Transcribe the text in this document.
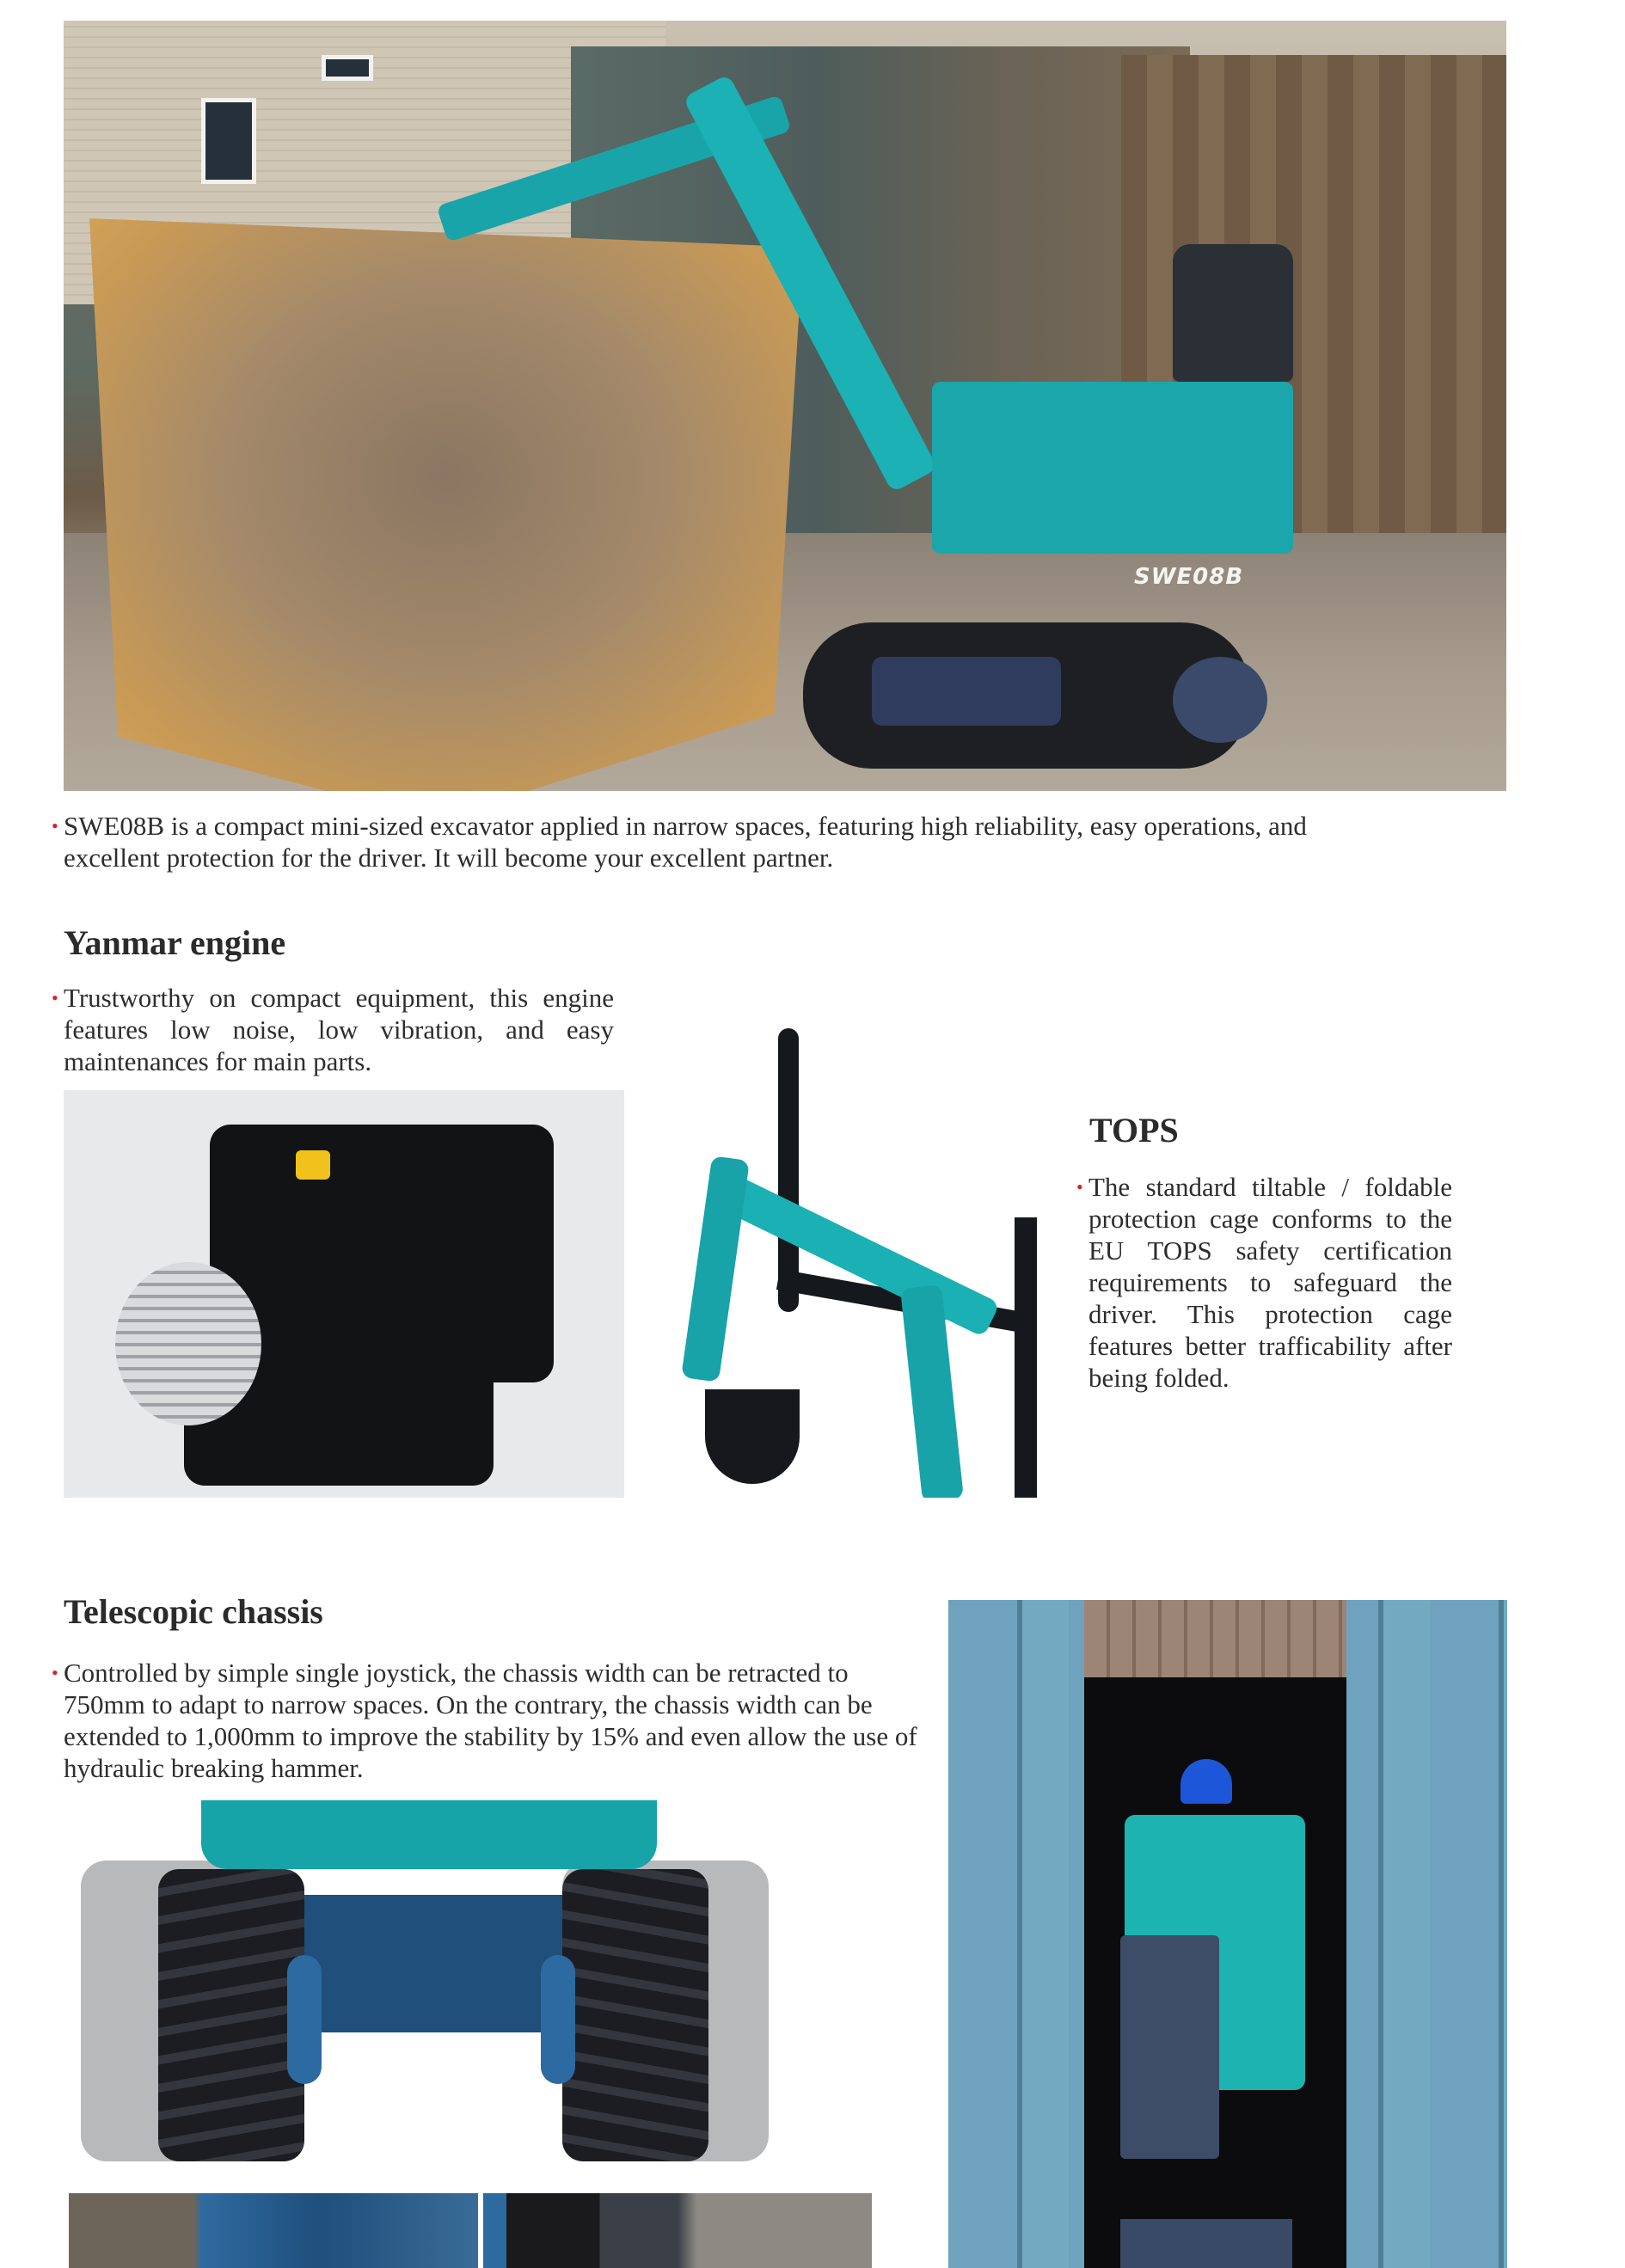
SWE08B
• SWE08B is a compact mini-sized excavator applied in narrow spaces, featuring high reliability, easy operations, and excellent protection for the driver. It will become your excellent partner.
Yanmar engine
• Trustworthy on compact equipment, this engine features low noise, low vibration, and easy maintenances for main parts.
TOPS
• The standard tiltable / foldable protection cage conforms to the EU TOPS safety certification requirements to safeguard the driver. This protection cage features better trafficability after being folded.
Telescopic chassis
• Controlled by simple single joystick, the chassis width can be retracted to 750mm to adapt to narrow spaces. On the contrary, the chassis width can be extended to 1,000mm to improve the stability by 15% and even allow the use of hydraulic breaking hammer.
